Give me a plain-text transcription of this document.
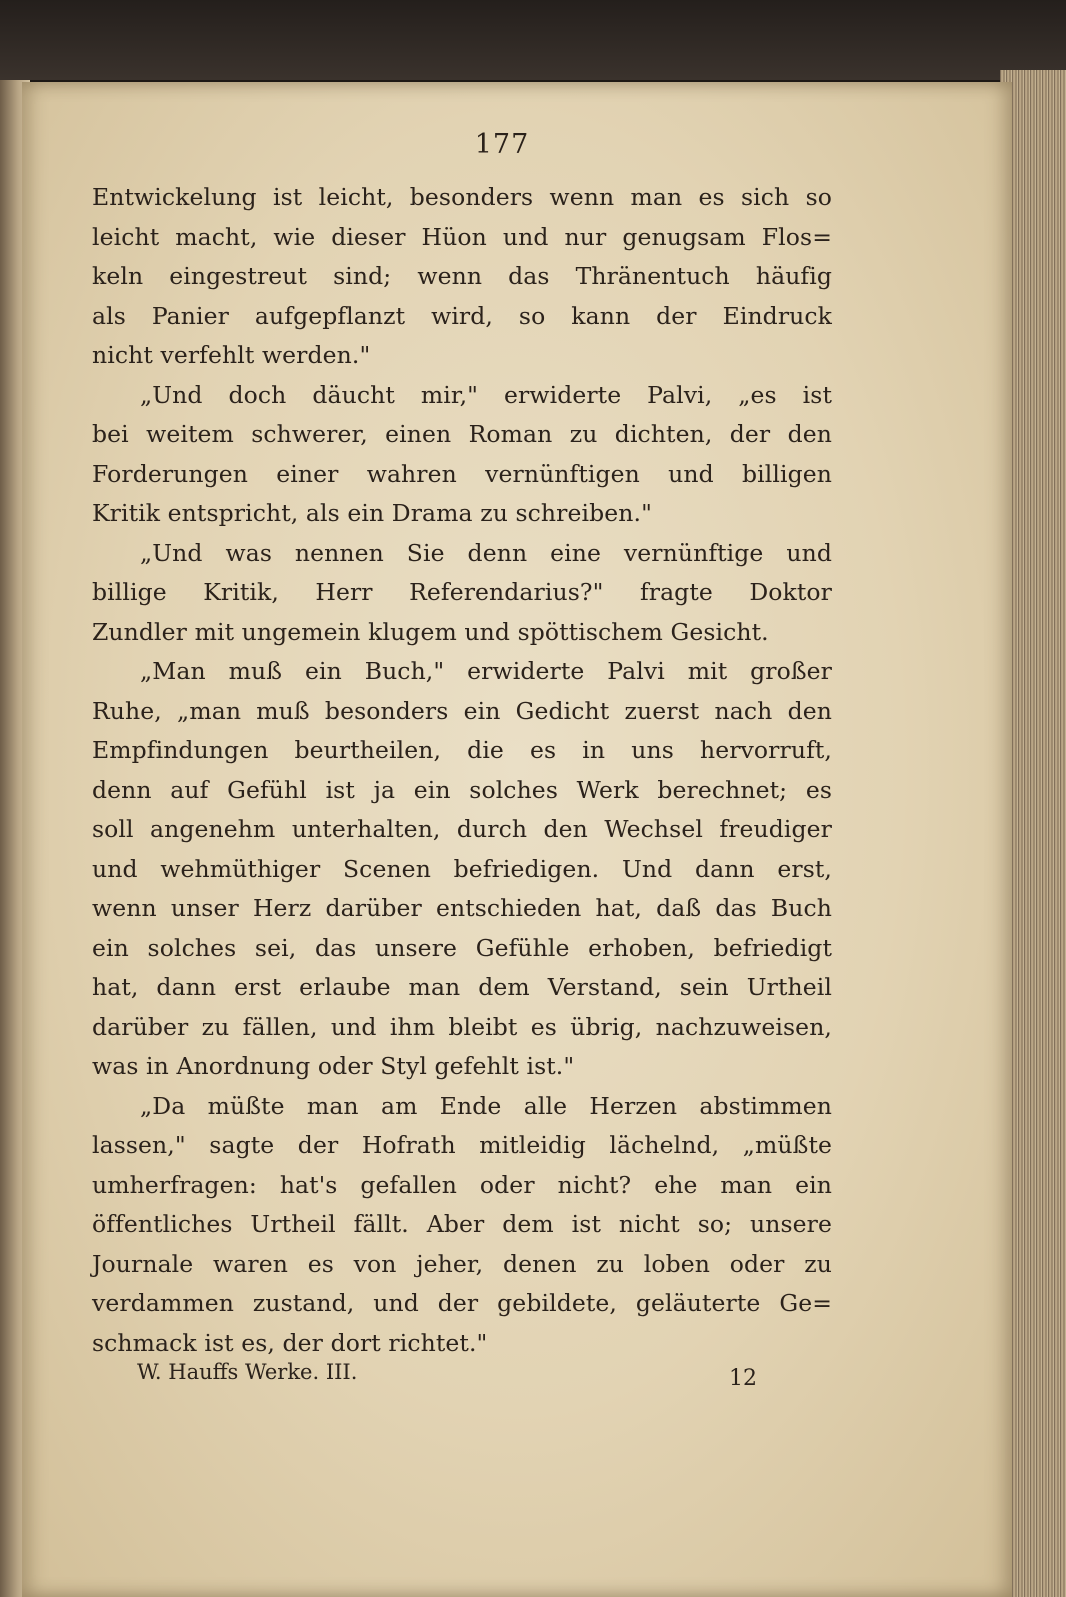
177
Entwickelung ist leicht, besonders wenn man es sich so
leicht macht, wie dieser Hüon und nur genugsam Flos=
keln eingestreut sind; wenn das Thränentuch häufig
als Panier aufgepflanzt wird, so kann der Eindruck
nicht verfehlt werden."
„Und doch däucht mir," erwiderte Palvi, „es ist
bei weitem schwerer, einen Roman zu dichten, der den
Forderungen einer wahren vernünftigen und billigen
Kritik entspricht, als ein Drama zu schreiben."
„Und was nennen Sie denn eine vernünftige und
billige Kritik, Herr Referendarius?" fragte Doktor
Zundler mit ungemein klugem und spöttischem Gesicht.
„Man muß ein Buch," erwiderte Palvi mit großer
Ruhe, „man muß besonders ein Gedicht zuerst nach den
Empfindungen beurtheilen, die es in uns hervorruft,
denn auf Gefühl ist ja ein solches Werk berechnet; es
soll angenehm unterhalten, durch den Wechsel freudiger
und wehmüthiger Scenen befriedigen. Und dann erst,
wenn unser Herz darüber entschieden hat, daß das Buch
ein solches sei, das unsere Gefühle erhoben, befriedigt
hat, dann erst erlaube man dem Verstand, sein Urtheil
darüber zu fällen, und ihm bleibt es übrig, nachzuweisen,
was in Anordnung oder Styl gefehlt ist."
„Da müßte man am Ende alle Herzen abstimmen
lassen," sagte der Hofrath mitleidig lächelnd, „müßte
umherfragen: hat's gefallen oder nicht? ehe man ein
öffentliches Urtheil fällt. Aber dem ist nicht so; unsere
Journale waren es von jeher, denen zu loben oder zu
verdammen zustand, und der gebildete, geläuterte Ge=
schmack ist es, der dort richtet."
W. Hauffs Werke. III.	12
